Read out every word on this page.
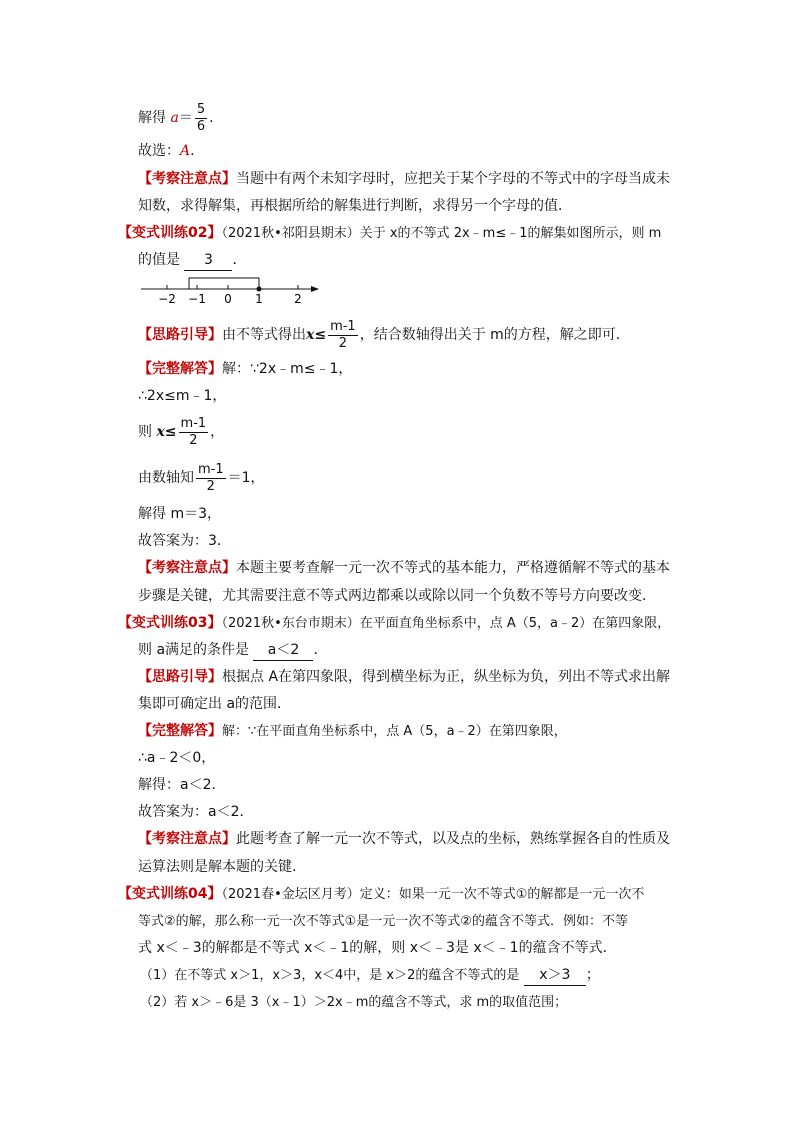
解得 $a= \frac{5}{6}$ .
故选：A.
【考察注意点】当题中有两个未知字母时，应把关于某个字母的不等式中的字母当成未
知数，求得解集，再根据所给的解集进行判断，求得另一个字母的值．
【变式训练02】（2021秋•祁阳县期末）关于 x的不等式 2x﹣m≤﹣1的解集如图所示，则 m
的值是 3 ．
−2 −1 0 1	2
【思路引导】由不等式得出$x\le \frac{m-1}{2}$ ，结合数轴得出关于 m的方程，解之即可．
【完整解答】解：∵2x﹣m≤﹣1，
∴2x≤m﹣1，
则 $x\le \frac{m-1}{2}$ ，
由数轴知 $\frac{m-1}{2} =1$，
解得 m＝3，
故答案为：3．
【考察注意点】本题主要考查解一元一次不等式的基本能力，严格遵循解不等式的基本
步骤是关键，尤其需要注意不等式两边都乘以或除以同一个负数不等号方向要改变．
【变式训练03】（2021秋•东台市期末）在平面直角坐标系中，点 A（5，a﹣2）在第四象限，
则 a满足的条件是 a＜2 ．
【思路引导】根据点 A在第四象限，得到横坐标为正，纵坐标为负，列出不等式求出解
集即可确定出 a的范围．
【完整解答】解：∵在平面直角坐标系中，点 A（5，a﹣2）在第四象限，
∴a﹣2＜0，
解得：a＜2．
故答案为：a＜2．
【考察注意点】此题考查了解一元一次不等式，以及点的坐标，熟练掌握各自的性质及
运算法则是解本题的关键．
【变式训练04】（2021春•金坛区月考）定义：如果一元一次不等式①的解都是一元一次不
等式②的解，那么称一元一次不等式①是一元一次不等式②的蕴含不等式．例如：不等
式 x＜﹣3的解都是不等式 x＜﹣1的解，则 x＜﹣3是 x＜﹣1的蕴含不等式．
（1）在不等式 x＞1，x＞3，x＜4中，是 x＞2的蕴含不等式的是 x＞3 ；
（2）若 x＞﹣6是 3（x﹣1）＞2x﹣m的蕴含不等式，求 m的取值范围；
